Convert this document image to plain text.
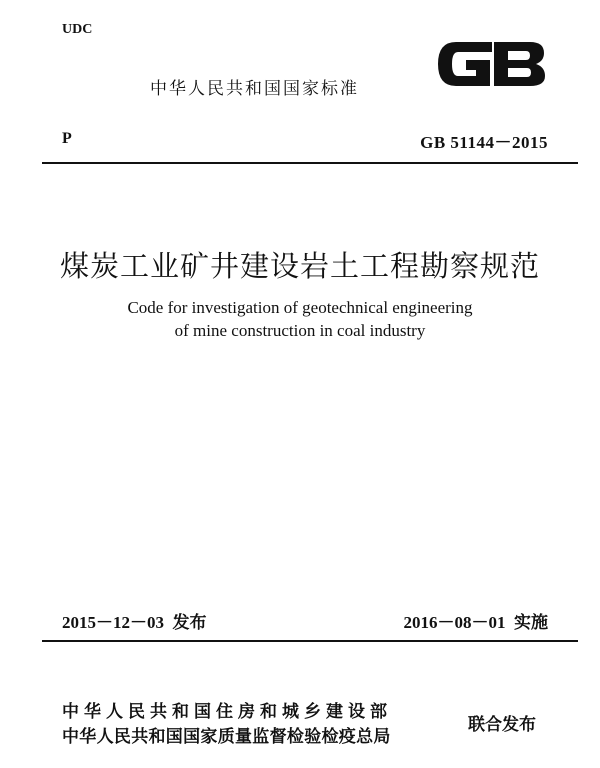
UDC
中华人民共和国国家标准
P	GB 51144－2015
煤炭工业矿井建设岩土工程勘察规范
Code for investigation of geotechnical engineering
of mine construction in coal industry
2015－12－03  发布	2016－08－01  实施
中华人民共和国住房和城乡建设部
中华人民共和国国家质量监督检验检疫总局
联合发布
